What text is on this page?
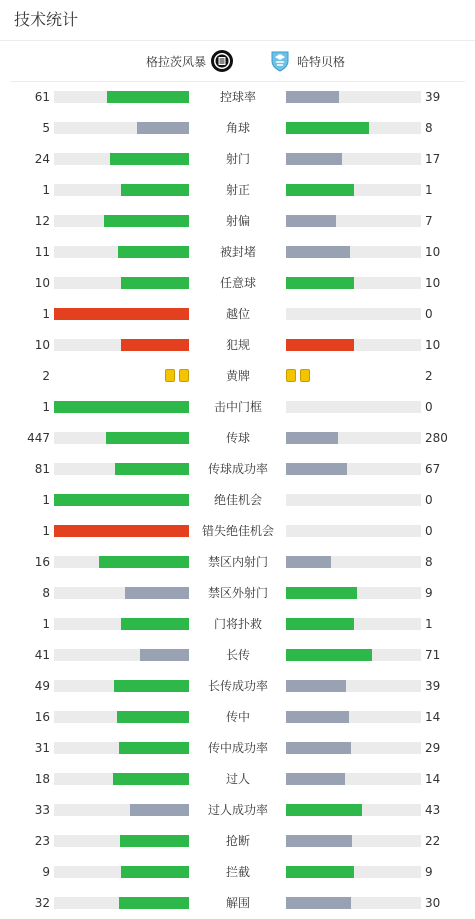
技术统计
格拉茨风暴	哈特贝格
61	控球率	39
5	角球	8
24	射门	17
1	射正	1
12	射偏	7
11	被封堵	10
10	任意球	10
1	越位	0
10	犯规	10
2	黄牌	2
1	击中门框	0
447	传球	280
81	传球成功率	67
1	绝佳机会	0
1	错失绝佳机会	0
16	禁区内射门	8
8	禁区外射门	9
1	门将扑救	1
41	长传	71
49	长传成功率	39
16	传中	14
31	传中成功率	29
18	过人	14
33	过人成功率	43
23	抢断	22
9	拦截	9
32	解围	30
